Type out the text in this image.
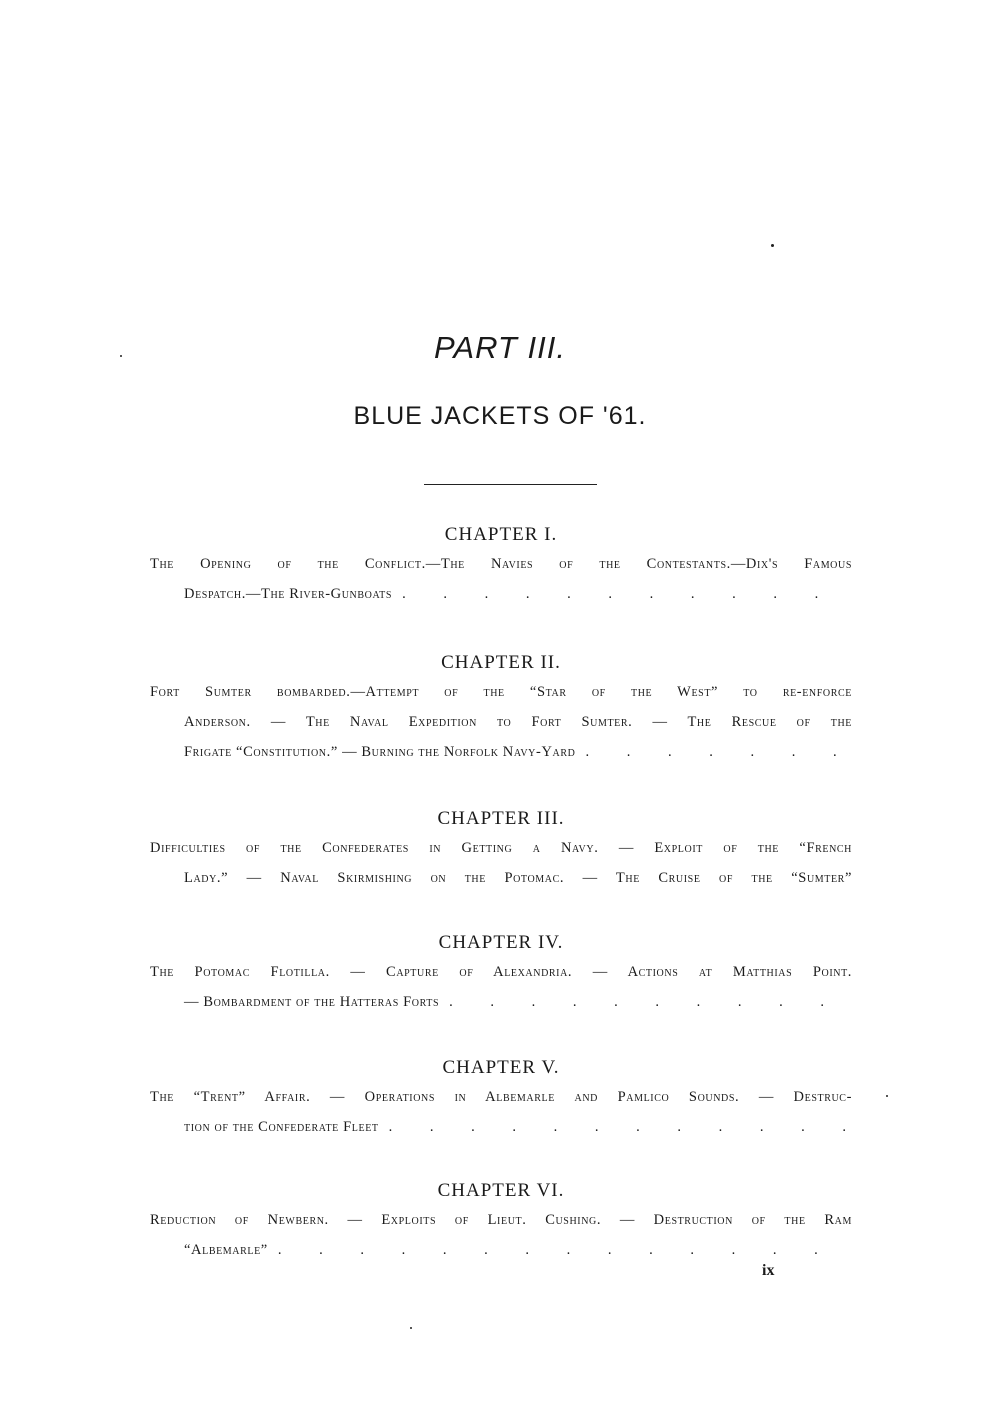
PART III.
BLUE JACKETS OF '61.
CHAPTER I.
The Opening of the Conflict.—The Navies of the Contestants.—Dix's Famous
Despatch.—The River-Gunboats
. . .
CHAPTER II.
Fort Sumter bombarded.—Attempt of the “Star of the West” to re-enforce
Anderson. — The Naval Expedition to Fort Sumter. — The Rescue of the
Frigate “Constitution.” — Burning the Norfolk Navy-Yard
. . .
CHAPTER III.
Difficulties of the Confederates in Getting a Navy. — Exploit of the “French
Lady.” — Naval Skirmishing on the Potomac. — The Cruise of the “Sumter”
CHAPTER IV.
The Potomac Flotilla. — Capture of Alexandria. — Actions at Matthias Point.
— Bombardment of the Hatteras Forts
. . .
CHAPTER V.
The “Trent” Affair. — Operations in Albemarle and Pamlico Sounds. — Destruc-
tion of the Confederate Fleet
. . .
CHAPTER VI.
Reduction of Newbern. — Exploits of Lieut. Cushing. — Destruction of the Ram
“Albemarle”
. . .
ix
